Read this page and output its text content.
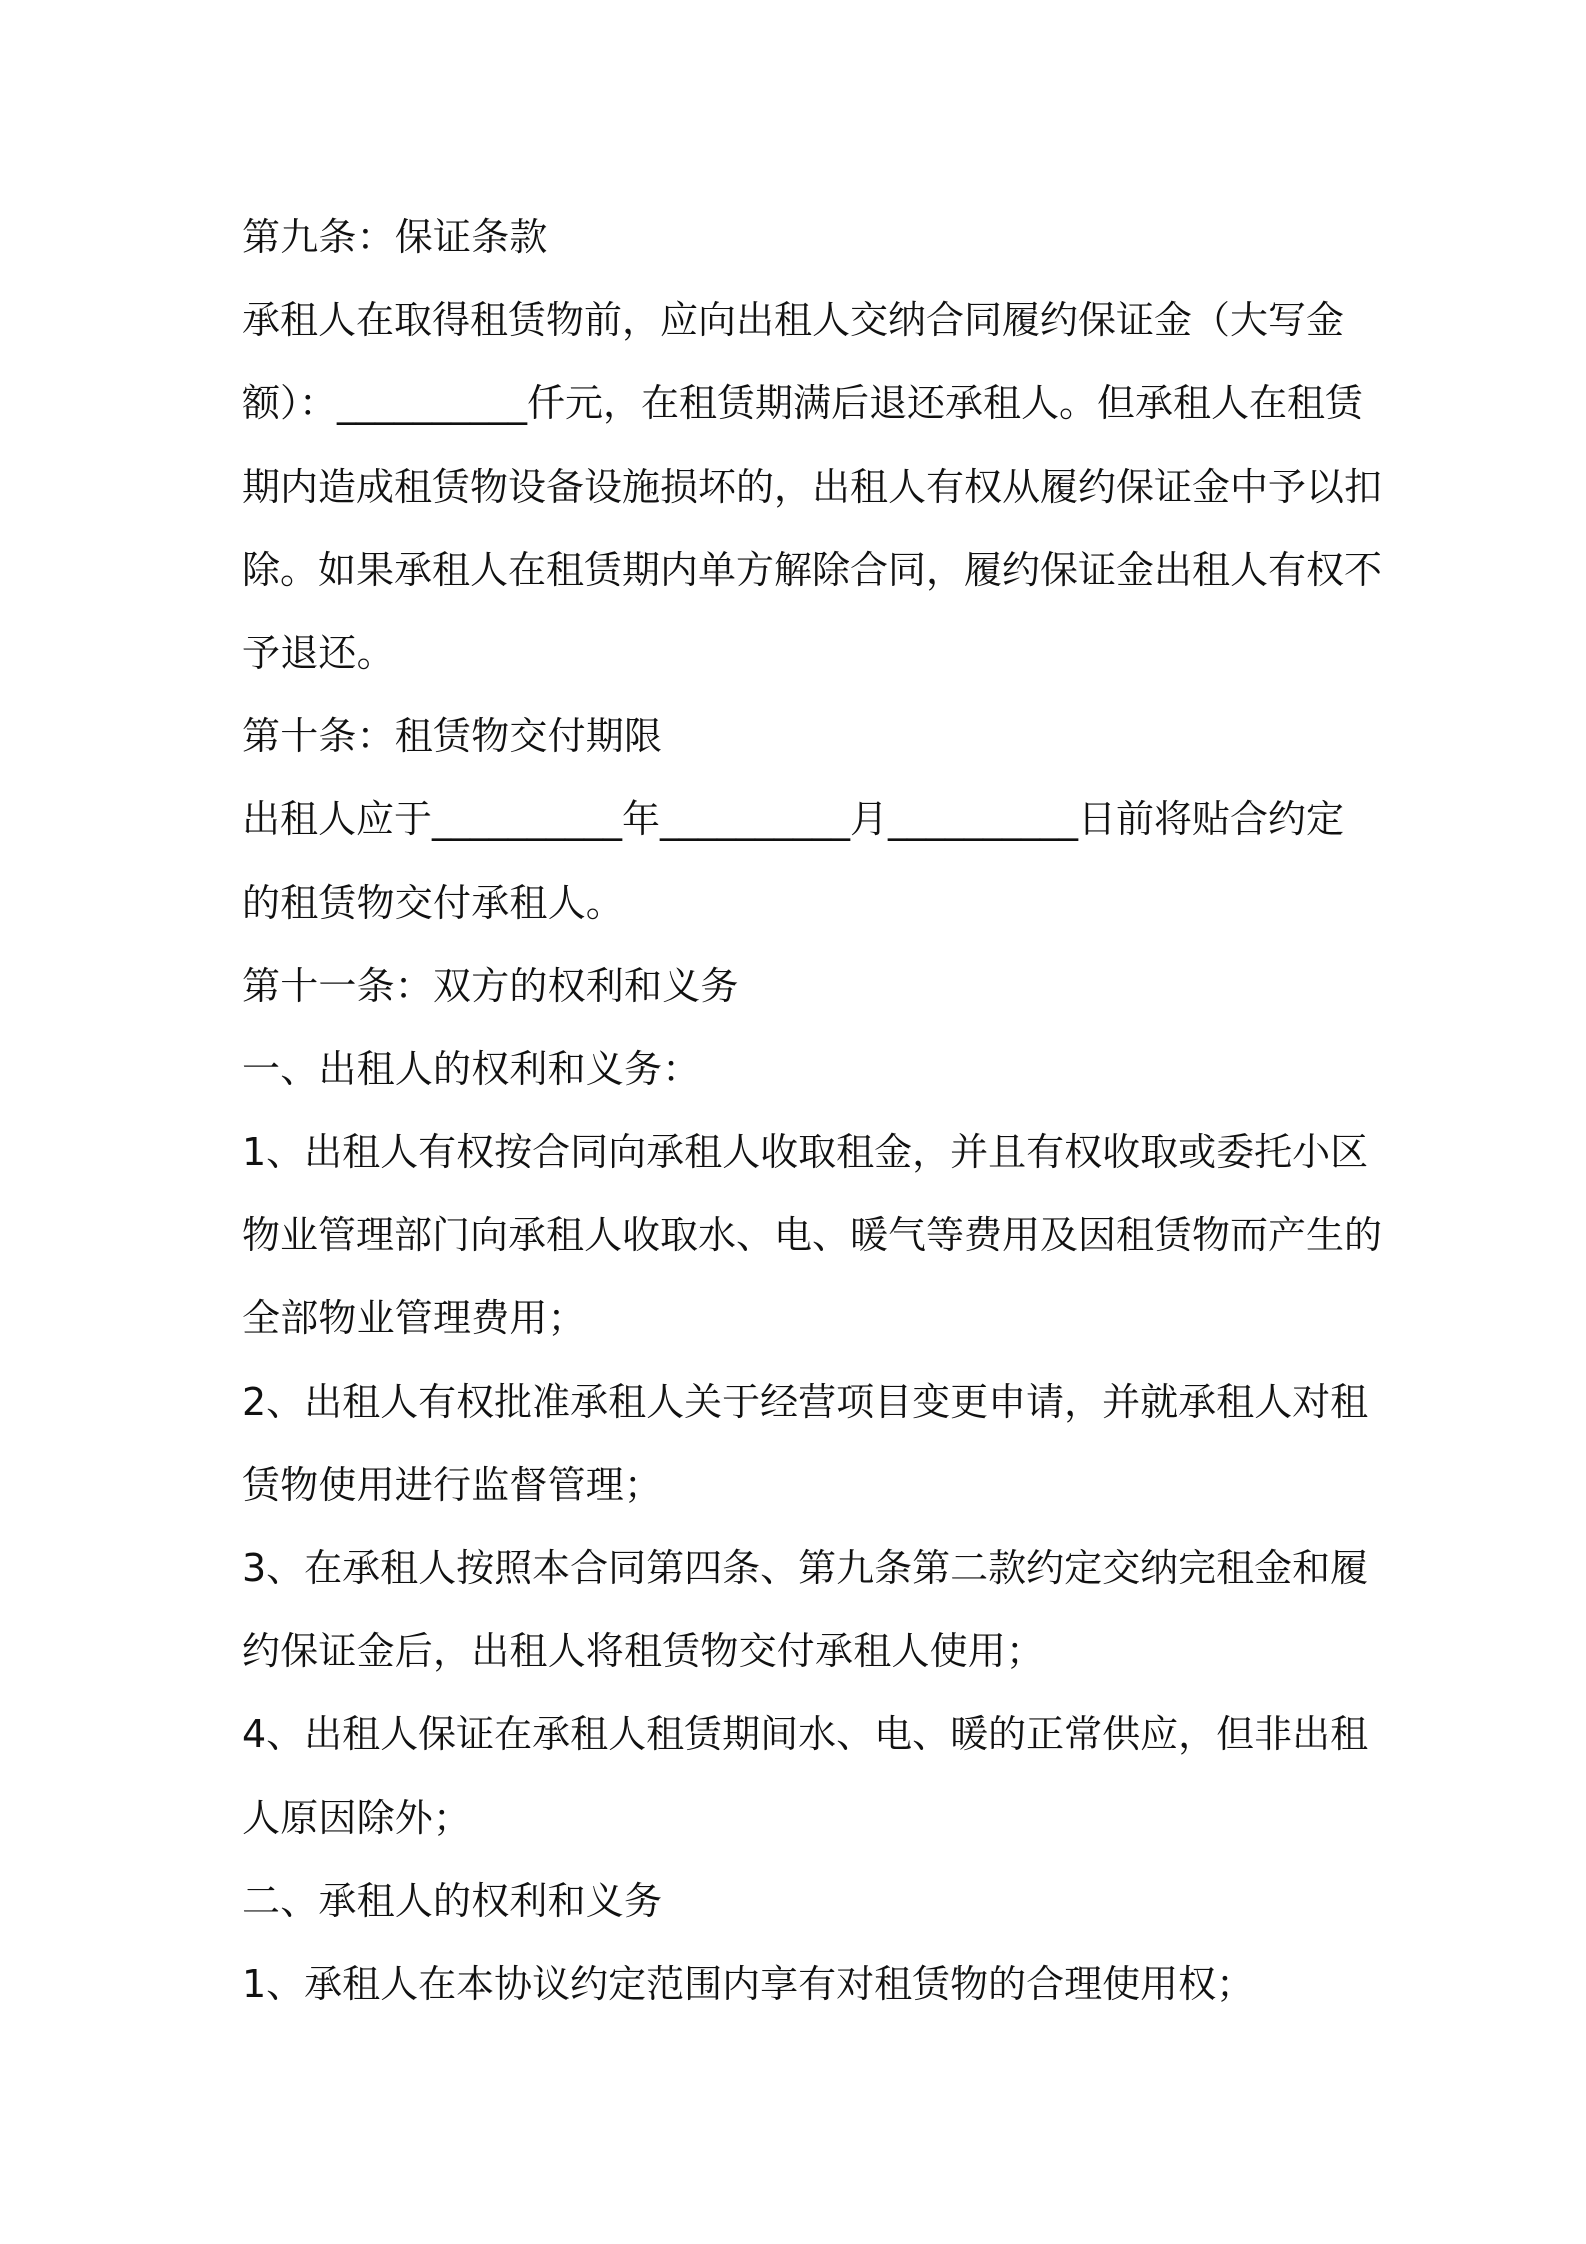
第九条：保证条款
承租人在取得租赁物前，应向出租人交纳合同履约保证金（大写金
额）：__________仟元，在租赁期满后退还承租人。但承租人在租赁
期内造成租赁物设备设施损坏的，出租人有权从履约保证金中予以扣
除。如果承租人在租赁期内单方解除合同，履约保证金出租人有权不
予退还。
第十条：租赁物交付期限
出租人应于__________年__________月__________日前将贴合约定
的租赁物交付承租人。
第十一条：双方的权利和义务
一、出租人的权利和义务：
1、出租人有权按合同向承租人收取租金，并且有权收取或委托小区
物业管理部门向承租人收取水、电、暖气等费用及因租赁物而产生的
全部物业管理费用；
2、出租人有权批准承租人关于经营项目变更申请，并就承租人对租
赁物使用进行监督管理；
3、在承租人按照本合同第四条、第九条第二款约定交纳完租金和履
约保证金后，出租人将租赁物交付承租人使用；
4、出租人保证在承租人租赁期间水、电、暖的正常供应，但非出租
人原因除外；
二、承租人的权利和义务
1、承租人在本协议约定范围内享有对租赁物的合理使用权；
